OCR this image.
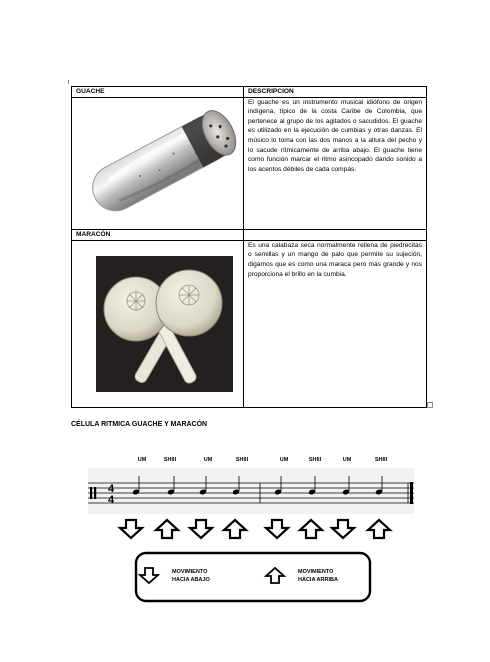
GUACHE	DESCRIPCION
	El guache es un instrumento musical idiófono de origen indígena, típico de la costa Caribe de Colombia, que pertenece al grupo de los agitados o sacudidos. El guache es utilizado en la ejecución de cumbias y otras danzas. El músico lo toma con las dos manos a la altura del pecho y lo sacude rítmicamente de arriba abajo. El guache tiene como función marcar el ritmo asincopado dando sonido a los acentos débiles de cada compás.
MARACÓN	
	Es una calabaza seca normalmente rellena de piedrecitas o semillas y un mango de palo que permite su sujeción, digamos que es como una maraca pero más grande y nos proporciona el brillo en la cumbia.
CÉLULA RITMICA GUACHE Y MARACÓN
UM	SHIII	UM	SHIII	UM	SHIII	UM	SHIII
4
4
MOVIMIENTO
HACIA ABAJO
MOVIMIENTO
HACIA ARRIBA
